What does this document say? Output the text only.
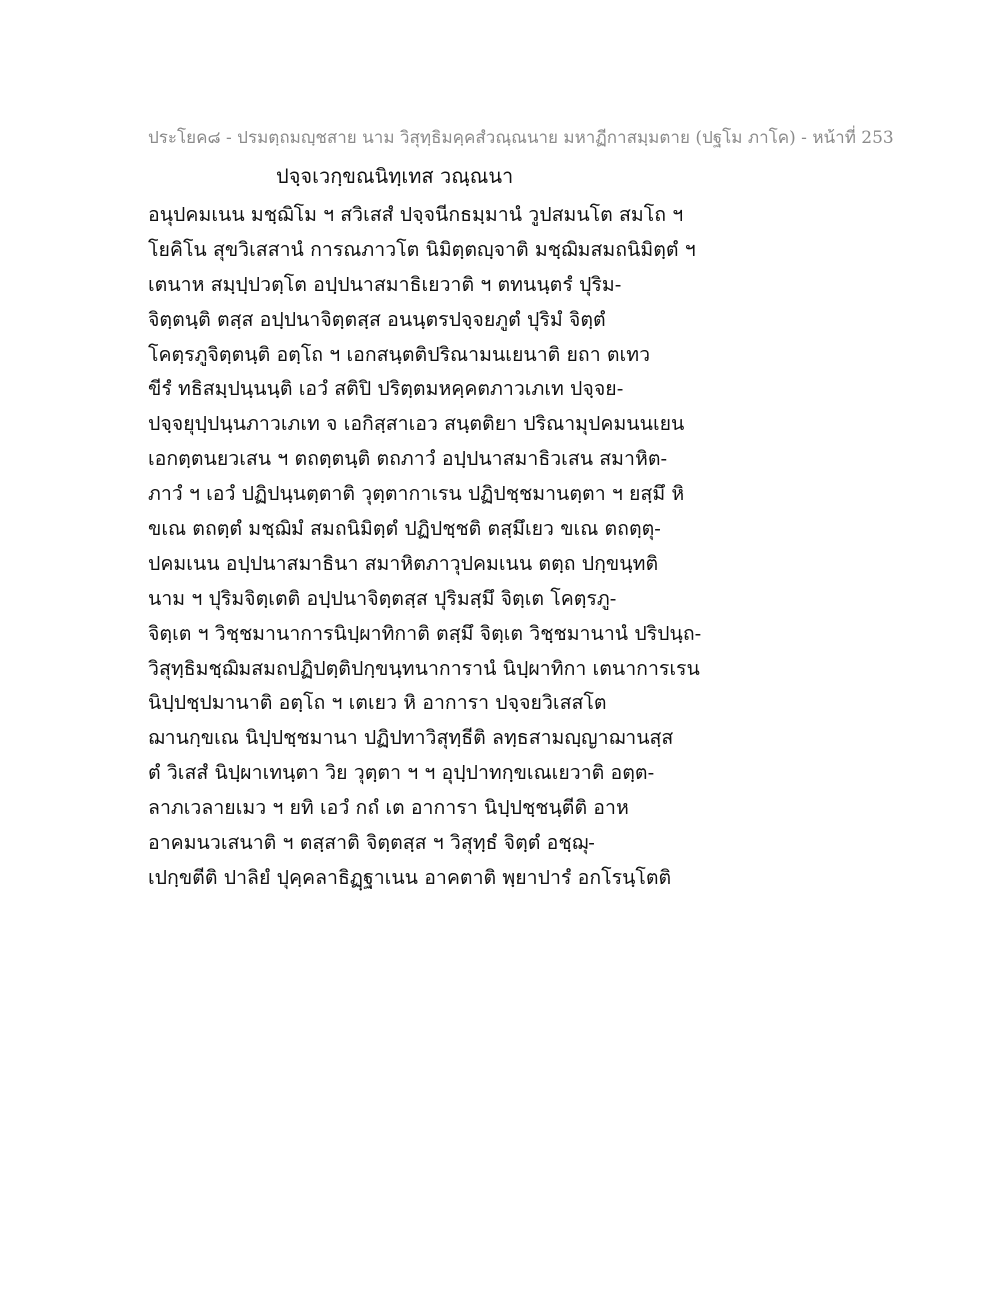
ประโยค๘ - ปรมตฺถมญฺชสาย นาม วิสุทฺธิมคฺคสํวณฺณนาย มหาฏีกาสมฺมตาย (ปฐโม ภาโค) - หน้าที่ 253
ปจฺจเวกฺขณนิทฺเทส วณฺณนา
อนุปคมเนน มชฺฌิโม ฯ สวิเสสํ ปจฺจนีกธมฺมานํ วูปสมนโต สมโถ ฯ
โยคิโน สุขวิเสสานํ การณภาวโต นิมิตฺตญฺจาติ มชฺฌิมสมถนิมิตฺตํ ฯ
เตนาห สมฺปฺปวตฺโต อปฺปนาสมาธิเยวาติ ฯ ตทนนฺตรํ ปุริม-
จิตฺตนฺติ ตสฺส อปฺปนาจิตฺตสฺส อนนฺตรปจฺจยภูตํ ปุริมํ จิตฺตํ
โคตฺรภูจิตฺตนฺติ อตฺโถ ฯ เอกสนฺตติปริณามนเยนาติ ยถา ตเทว
ขีรํ ทธิสมฺปนฺนนฺติ เอวํ สติปิ ปริตฺตมหคฺคตภาวเภเท ปจฺจย-
ปจฺจยุปฺปนฺนภาวเภเท จ เอกิสฺสาเอว สนฺตติยา ปริณามุปคมนนเยน
เอกตฺตนยวเสน ฯ ตถตฺตนฺติ ตถภาวํ อปฺปนาสมาธิวเสน สมาหิต-
ภาวํ ฯ เอวํ ปฏิปนฺนตฺตาติ วุตฺตากาเรน ปฏิปชฺชมานตฺตา ฯ ยสฺมึ หิ
ขเณ ตถตฺตํ มชฺฌิมํ สมถนิมิตฺตํ ปฏิปชฺชติ ตสฺมึเยว ขเณ ตถตฺตุ-
ปคมเนน อปฺปนาสมาธินา สมาหิตภาวุปคมเนน ตตฺถ ปกฺขนฺทติ
นาม ฯ ปุริมจิตฺเตติ อปฺปนาจิตฺตสฺส ปุริมสฺมึ จิตฺเต โคตฺรภู-
จิตฺเต ฯ วิชฺชมานาการนิปฺผาทิกาติ ตสฺมึ จิตฺเต วิชฺชมานานํ ปริปนฺถ-
วิสุทฺธิมชฺฌิมสมถปฏิปตฺติปกฺขนฺทนาการานํ นิปฺผาทิกา เตนาการเรน
นิปฺปชฺปมานาติ อตฺโถ ฯ เตเยว หิ อาการา ปจฺจยวิเสสโต
ฌานกฺขเณ นิปฺปชฺชมานา ปฏิปทาวิสุทฺธีติ ลทฺธสามญฺญาฌานสฺส
ตํ วิเสสํ นิปฺผาเทนฺตา วิย วุตฺตา ฯ ฯ อุปฺปาทกฺขเณเยวาติ อตฺต-
ลาภเวลายเมว ฯ ยทิ เอวํ กถํ เต อาการา นิปฺปชฺชนฺตีติ อาห
อาคมนวเสนาติ ฯ ตสฺสาติ จิตฺตสฺส ฯ วิสุทฺธํ จิตฺตํ อชฺฌุ-
เปกฺขตีติ ปาลิยํ ปุคฺคลาธิฏฺฐาเนน อาคตาติ พฺยาปารํ อกโรนฺโตติ
